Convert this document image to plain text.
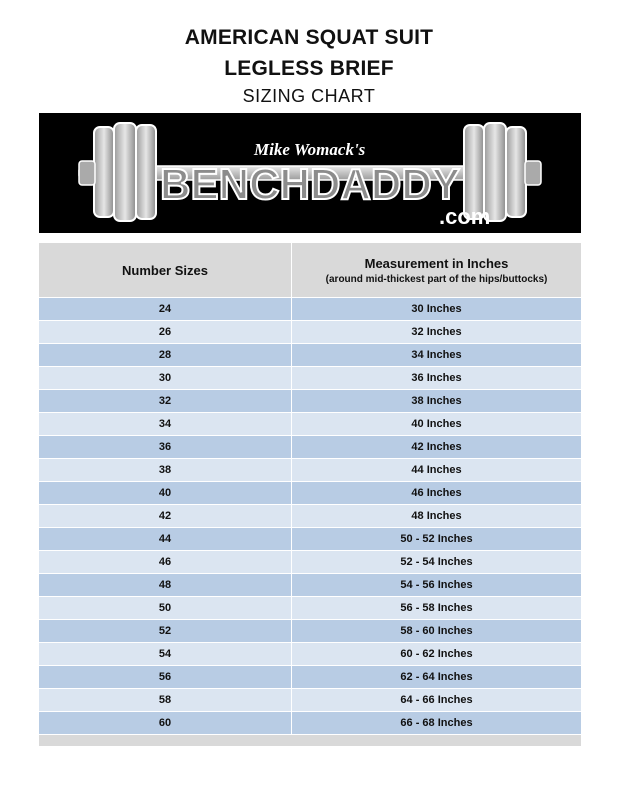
AMERICAN SQUAT SUIT
LEGLESS BRIEF
SIZING CHART
Mike Womack's
BENCHDADDY
.com
Number Sizes	Measurement in Inches
(around mid-thickest part of the hips/buttocks)
24	30 Inches
26	32 Inches
28	34 Inches
30	36 Inches
32	38 Inches
34	40 Inches
36	42 Inches
38	44 Inches
40	46 Inches
42	48 Inches
44	50 - 52 Inches
46	52 - 54 Inches
48	54 - 56 Inches
50	56 - 58 Inches
52	58 - 60 Inches
54	60 - 62 Inches
56	62 - 64 Inches
58	64 - 66 Inches
60	66 - 68 Inches
